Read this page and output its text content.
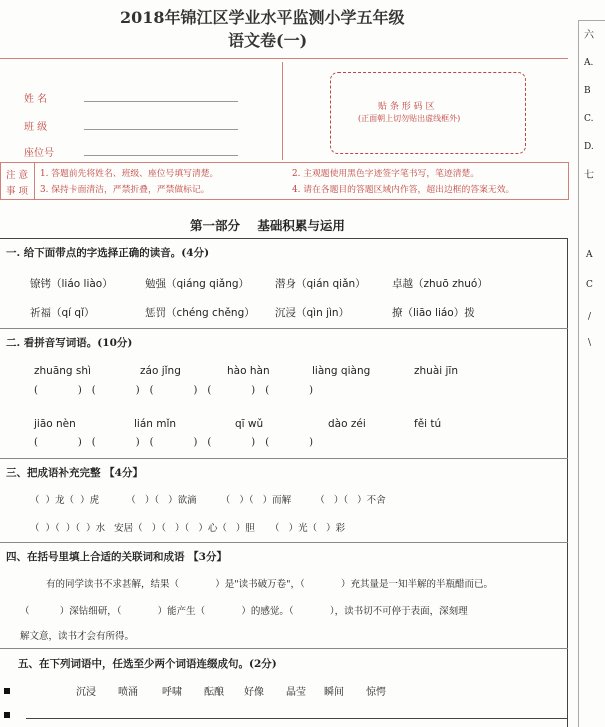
2018年锦江区学业水平监测小学五年级
语文卷(一)
姓 名
班 级
座位号
贴 条 形 码 区
(正面朝上切勿贴出虚线框外)
注 意
事 项
1. 答题前先将姓名、班级、座位号填写清楚。	2. 主观题使用黑色字迹签字笔书写，笔迹清楚。
3. 保持卡面清洁，严禁折叠，严禁做标记。	4. 请在各题目的答题区域内作答，超出边框的答案无效。
第一部分    基础积累与运用
一. 给下面带点的字选择正确的读音。(4分)
镣铐（liáo liào）	勉强（qiáng qiǎng） 潜身（qián qiǎn）	卓越（zhuō zhuó）
祈福（qí qǐ）	惩罚（chéng chěng） 沉浸（qìn jìn）	撩（liāo liáo）拨
二. 看拼音写词语。(10分)
zhuāng shì	záo jǐng	hào hàn	liàng qiàng	zhuài jīn
(    ) (    ) (    ) (    ) (    )
jiāo nèn	lián mǐn	qī wǔ	dào zéi	fěi tú
(    ) (    ) (    ) (    ) (    )
三、把成语补充完整 【4分】
（  ）龙（  ）虎         （   ）（   ）欲滴        （   ）（   ）而解        （   ）（   ）不舍
（  ）（  ）（  ）水   安居（   ）（   ）（   ）心（   ）胆     （   ）光（   ）彩
四、在括号里填上合适的关联词和成语 【3分】
有的同学读书不求甚解，结果（            ）是"读书破万卷"，（            ）充其量是一知半解的半瓶醋而已。
（          ）深钻细研，（            ）能产生（            ）的感觉。（            ），读书切不可停于表面，深刻理
解文意，读书才会有所得。
五、在下列词语中，任选至少两个词语连缀成句。(2分)
沉浸 喷涌 呼啸 酝酿 好像 晶莹 瞬间 惊愕
六
A.
B
C.
D.
七
A
C
/
\
